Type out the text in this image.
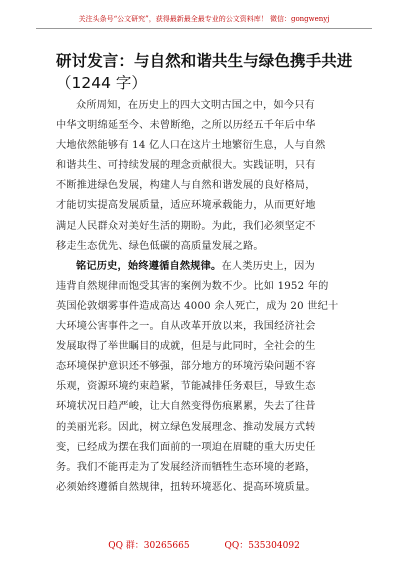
关注头条号“公文研究”，获得最新最全最专业的公文资料库！ 微信：gongwenyj
研讨发言：与自然和谐共生与绿色携手共进
（1244 字）
众所周知，在历史上的四大文明古国之中，如今只有
中华文明绵延至今、未曾断绝，之所以历经五千年后中华
大地依然能够有 14 亿人口在这片土地繁衍生息，人与自然
和谐共生、可持续发展的理念贡献很大。实践证明，只有
不断推进绿色发展，构建人与自然和谐发展的良好格局，
才能切实提高发展质量，适应环境承载能力，从而更好地
满足人民群众对美好生活的期盼。为此，我们必须坚定不
移走生态优先、绿色低碳的高质量发展之路。
铭记历史，始终遵循自然规律。在人类历史上，因为
违背自然规律而饱受其害的案例为数不少。比如 1952 年的
英国伦敦烟雾事件造成高达 4000 余人死亡，成为 20 世纪十
大环境公害事件之一。自从改革开放以来，我国经济社会
发展取得了举世瞩目的成就，但是与此同时，全社会的生
态环境保护意识还不够强，部分地方的环境污染问题不容
乐观，资源环境约束趋紧，节能减排任务艰巨，导致生态
环境状况日趋严峻，让大自然变得伤痕累累，失去了往昔
的美丽光彩。因此，树立绿色发展理念、推动发展方式转
变，已经成为摆在我们面前的一项迫在眉睫的重大历史任
务。我们不能再走为了发展经济而牺牲生态环境的老路，
必须始终遵循自然规律，扭转环境恶化、提高环境质量。
QQ 群：30265665	QQ：535304092
